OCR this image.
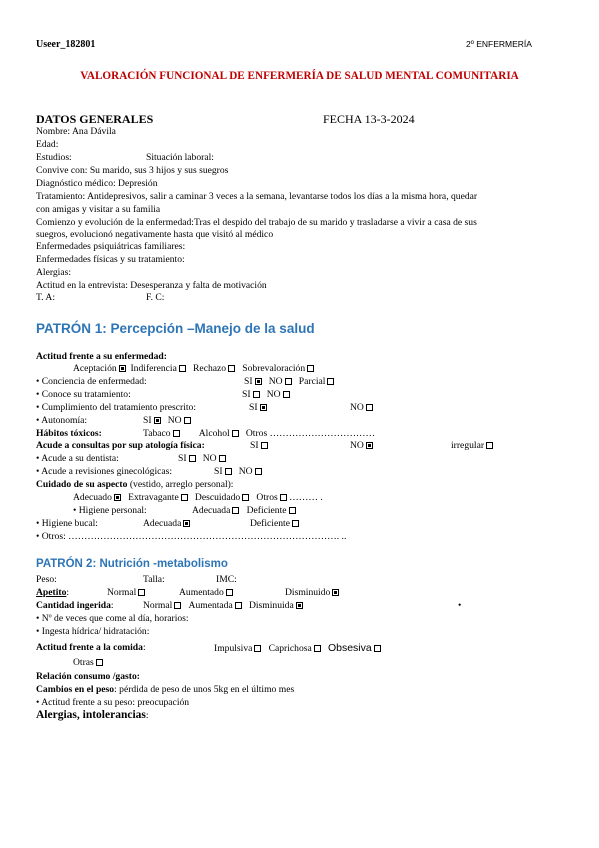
Useer_182801	2º ENFERMERÍA
VALORACIÓN FUNCIONAL DE ENFERMERÍA DE SALUD MENTAL COMUNITARIA
DATOS GENERALES	FECHA 13-3-2024
Nombre: Ana Dávila
Edad:
Estudios:	Situación laboral:
Convive con: Su marido, sus 3 hijos y sus suegros
Diagnóstico médico: Depresión
Tratamiento: Antidepresivos, salir a caminar 3 veces a la semana, levantarse todos los días a la misma hora, quedar
con amigas y visitar a su familia
Comienzo y evolución de la enfermedad:Tras el despido del trabajo de su marido y trasladarse a vivir a casa de sus
suegros, evolucionó negativamente hasta que visitó al médico
Enfermedades psiquiátricas familiares:
Enfermedades físicas y su tratamiento:
Alergias:
Actitud en la entrevista: Desesperanza y falta de motivación
T. A:	F. C:
PATRÓN 1: Percepción –Manejo de la salud
Actitud frente a su enfermedad:
Aceptación Indiferencia Rechazo Sobrevaloración
• Conciencia de enfermedad:	SI NO Parcial
• Conoce su tratamiento:	SI NO
• Cumplimiento del tratamiento prescrito:	SI	NO
• Autonomía:	SI NO
Hábitos tóxicos:	Tabaco	Alcohol Otros ……………………………
Acude a consultas por sup atología física:	SI	NO	irregular
• Acude a su dentista:	SI NO
• Acude a revisiones ginecológicas:	SI NO
Cuidado de su aspecto (vestido, arreglo personal):
Adecuado Extravagante Descuidado Otros ……… .
• Higiene personal:	Adecuada Deficiente
• Higiene bucal:	Adecuada	Deficiente
• Otros: …………………………………………………………………………. ..
PATRÓN 2: Nutrición -metabolismo
Peso:	Talla:	IMC:
Apetito:	Normal	Aumentado	Disminuido
Cantidad ingerida:	Normal Aumentada Disminuida	•
• Nº de veces que come al día, horarios:
• Ingesta hídrica/ hidratación:
Actitud frente a la comida:	Impulsiva Caprichosa Obsesiva
Otras
Relación consumo /gasto:
Cambios en el peso: pérdida de peso de unos 5kg en el último mes
• Actitud frente a su peso: preocupación
Alergias, intolerancias:
